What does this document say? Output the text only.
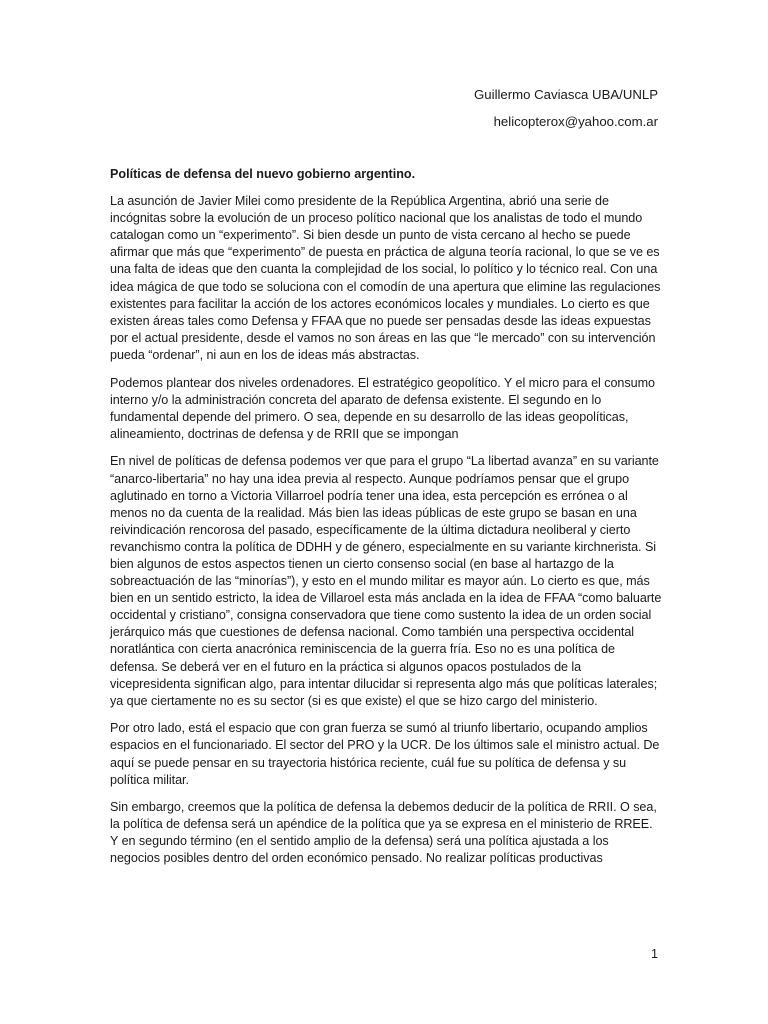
Guillermo Caviasca UBA/UNLP
helicopterox@yahoo.com.ar

Políticas de defensa del nuevo gobierno argentino.

La asunción de Javier Milei como presidente de la República Argentina, abrió una serie de incógnitas sobre la evolución de un proceso político nacional que los analistas de todo el mundo catalogan como un “experimento”. Si bien desde un punto de vista cercano al hecho se puede afirmar que más que “experimento” de puesta en práctica de alguna teoría racional, lo que se ve es una falta de ideas que den cuanta la complejidad de los social, lo político y lo técnico real. Con una idea mágica de que todo se soluciona con el comodín de una apertura que elimine las regulaciones existentes para facilitar la acción de los actores económicos locales y mundiales. Lo cierto es que existen áreas tales como Defensa y FFAA que no puede ser pensadas desde las ideas expuestas por el actual presidente, desde el vamos no son áreas en las que “le mercado” con su intervención pueda “ordenar”, ni aun en los de ideas más abstractas.

Podemos plantear dos niveles ordenadores. El estratégico geopolítico. Y el micro para el consumo interno y/o la administración concreta del aparato de defensa existente. El segundo en lo fundamental depende del primero. O sea, depende en su desarrollo de las ideas geopolíticas, alineamiento, doctrinas de defensa y de RRII que se impongan

En nivel de políticas de defensa podemos ver que para el grupo “La libertad avanza” en su variante “anarco-libertaria” no hay una idea previa al respecto. Aunque podríamos pensar que el grupo aglutinado en torno a Victoria Villarroel podría tener una idea, esta percepción es errónea o al menos no da cuenta de la realidad. Más bien las ideas públicas de este grupo se basan en una reivindicación rencorosa del pasado, específicamente de la última dictadura neoliberal y cierto revanchismo contra la política de DDHH y de género, especialmente en su variante kirchnerista. Si bien algunos de estos aspectos tienen un cierto consenso social (en base al hartazgo de la sobreactuación de las “minorías”), y esto en el mundo militar es mayor aún. Lo cierto es que, más bien en un sentido estricto, la idea de Villaroel esta más anclada en la idea de FFAA “como baluarte occidental y cristiano”, consigna conservadora que tiene como sustento la idea de un orden social jerárquico más que cuestiones de defensa nacional. Como también una perspectiva occidental noratlántica con cierta anacrónica reminiscencia de la guerra fría. Eso no es una política de defensa. Se deberá ver en el futuro en la práctica si algunos opacos postulados de la vicepresidenta significan algo, para intentar dilucidar si representa algo más que políticas laterales; ya que ciertamente no es su sector (si es que existe) el que se hizo cargo del ministerio.

Por otro lado, está el espacio que con gran fuerza se sumó al triunfo libertario, ocupando amplios espacios en el funcionariado. El sector del PRO y la UCR. De los últimos sale el ministro actual. De aquí se puede pensar en su trayectoria histórica reciente, cuál fue su política de defensa y su política militar.

Sin embargo, creemos que la política de defensa la debemos deducir de la política de RRII. O sea, la política de defensa será un apéndice de la política que ya se expresa en el ministerio de RREE. Y en segundo término (en el sentido amplio de la defensa) será una política ajustada a los negocios posibles dentro del orden económico pensado. No realizar políticas productivas

1
